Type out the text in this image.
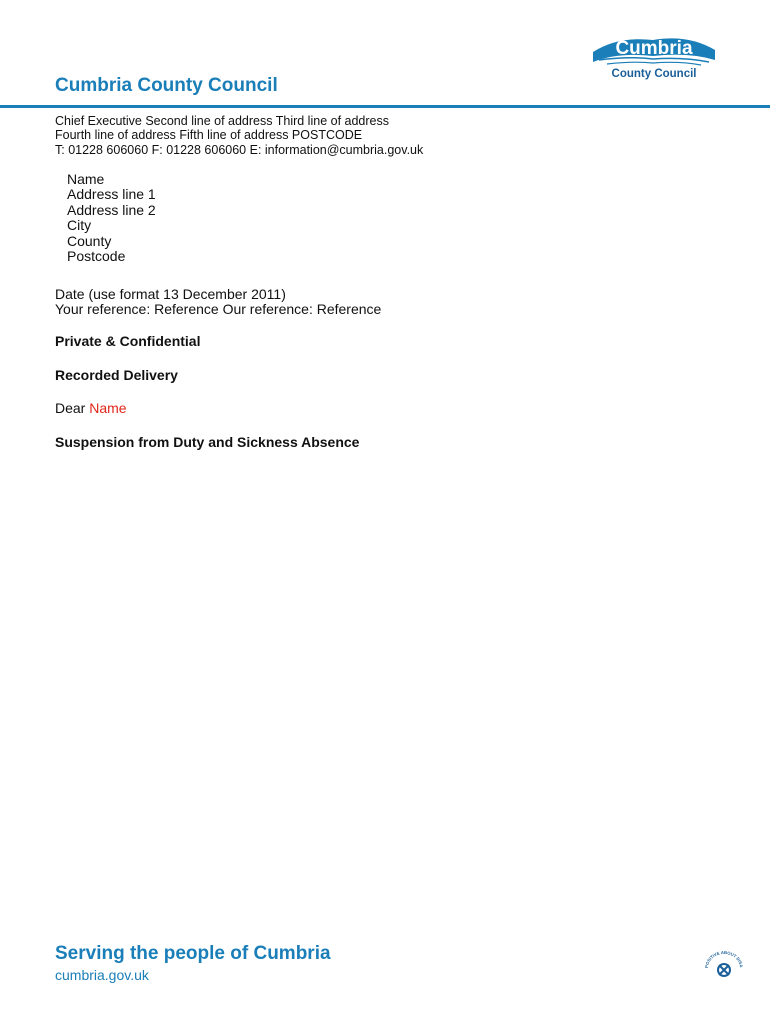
Cumbria County Council
Cumbria
County Council
Chief Executive Second line of address Third line of address
Fourth line of address Fifth line of address POSTCODE
T: 01228 606060 F: 01228 606060 E: information@cumbria.gov.uk
Name
Address line 1
Address line 2
City
County
Postcode
Date (use format 13 December 2011)
Your reference: Reference Our reference: Reference
Private & Confidential
Recorded Delivery
Dear Name
Suspension from Duty and Sickness Absence
Serving the people of Cumbria
cumbria.gov.uk
POSITIVE ABOUT DISA
